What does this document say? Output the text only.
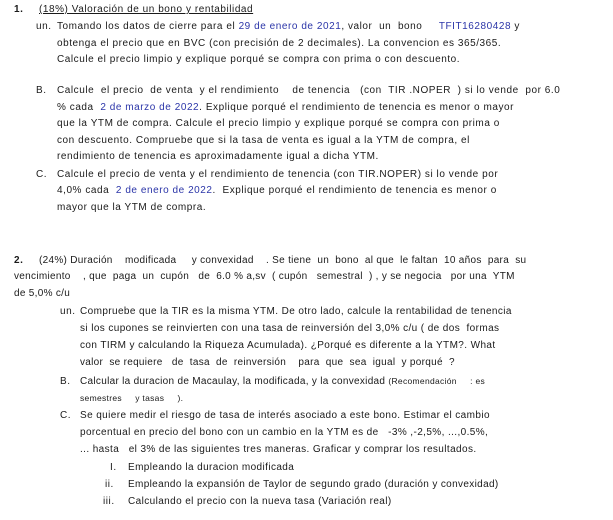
1. (18%) Valoración de un bono y rentabilidad
un. Tomando los datos de cierre para el 29 de enero de 2021, valor  un  bono     TFIT16280428 y
obtenga el precio que en BVC (con precisión de 2 decimales). La convencion es 365/365.
Calcule el precio limpio y explique porqué se compra con prima o con descuento.
B. Calcule  el precio  de venta  y el rendimiento    de tenencia   (con  TIR .NOPER  ) si lo vende  por 6.0
% cada  2 de marzo de 2022. Explique porqué el rendimiento de tenencia es menor o mayor
que la YTM de compra. Calcule el precio limpio y explique porqué se compra con prima o
con descuento. Compruebe que si la tasa de venta es igual a la YTM de compra, el
rendimiento de tenencia es aproximadamente igual a dicha YTM.
C. Calcule el precio de venta y el rendimiento de tenencia (con TIR.NOPER) si lo vende por
4,0% cada  2 de enero de 2022.  Explique porqué el rendimiento de tenencia es menor o
mayor que la YTM de compra.
2. (24%) Duración    modificada     y convexidad    . Se tiene  un  bono  al que  le faltan  10 años  para  su
vencimiento    , que  paga  un  cupón   de  6.0 % a,sv  ( cupón   semestral  ) , y se negocia   por una  YTM
de 5,0% c/u
un. Compruebe que la TIR es la misma YTM. De otro lado, calcule la rentabilidad de tenencia
si los cupones se reinvierten con una tasa de reinversión del 3,0% c/u ( de dos  formas
con TIRM y calculando la Riqueza Acumulada). ¿Porqué es diferente a la YTM?. What
valor  se requiere   de  tasa  de  reinversión    para  que  sea  igual  y porqué  ?
B. Calcular la duracion de Macaulay, la modificada, y la convexidad (Recomendación     : es
semestres     y tasas     ).
C. Se quiere medir el riesgo de tasa de interés asociado a este bono. Estimar el cambio
porcentual en precio del bono con un cambio en la YTM es de   -3% ,-2,5%, ...,0.5%,
... hasta   el 3% de las siguientes tres maneras. Graficar y comprar los resultados.
I. Empleando la duracion modificada
ii. Empleando la expansión de Taylor de segundo grado (duración y convexidad)
iii. Calculando el precio con la nueva tasa (Variación real)
